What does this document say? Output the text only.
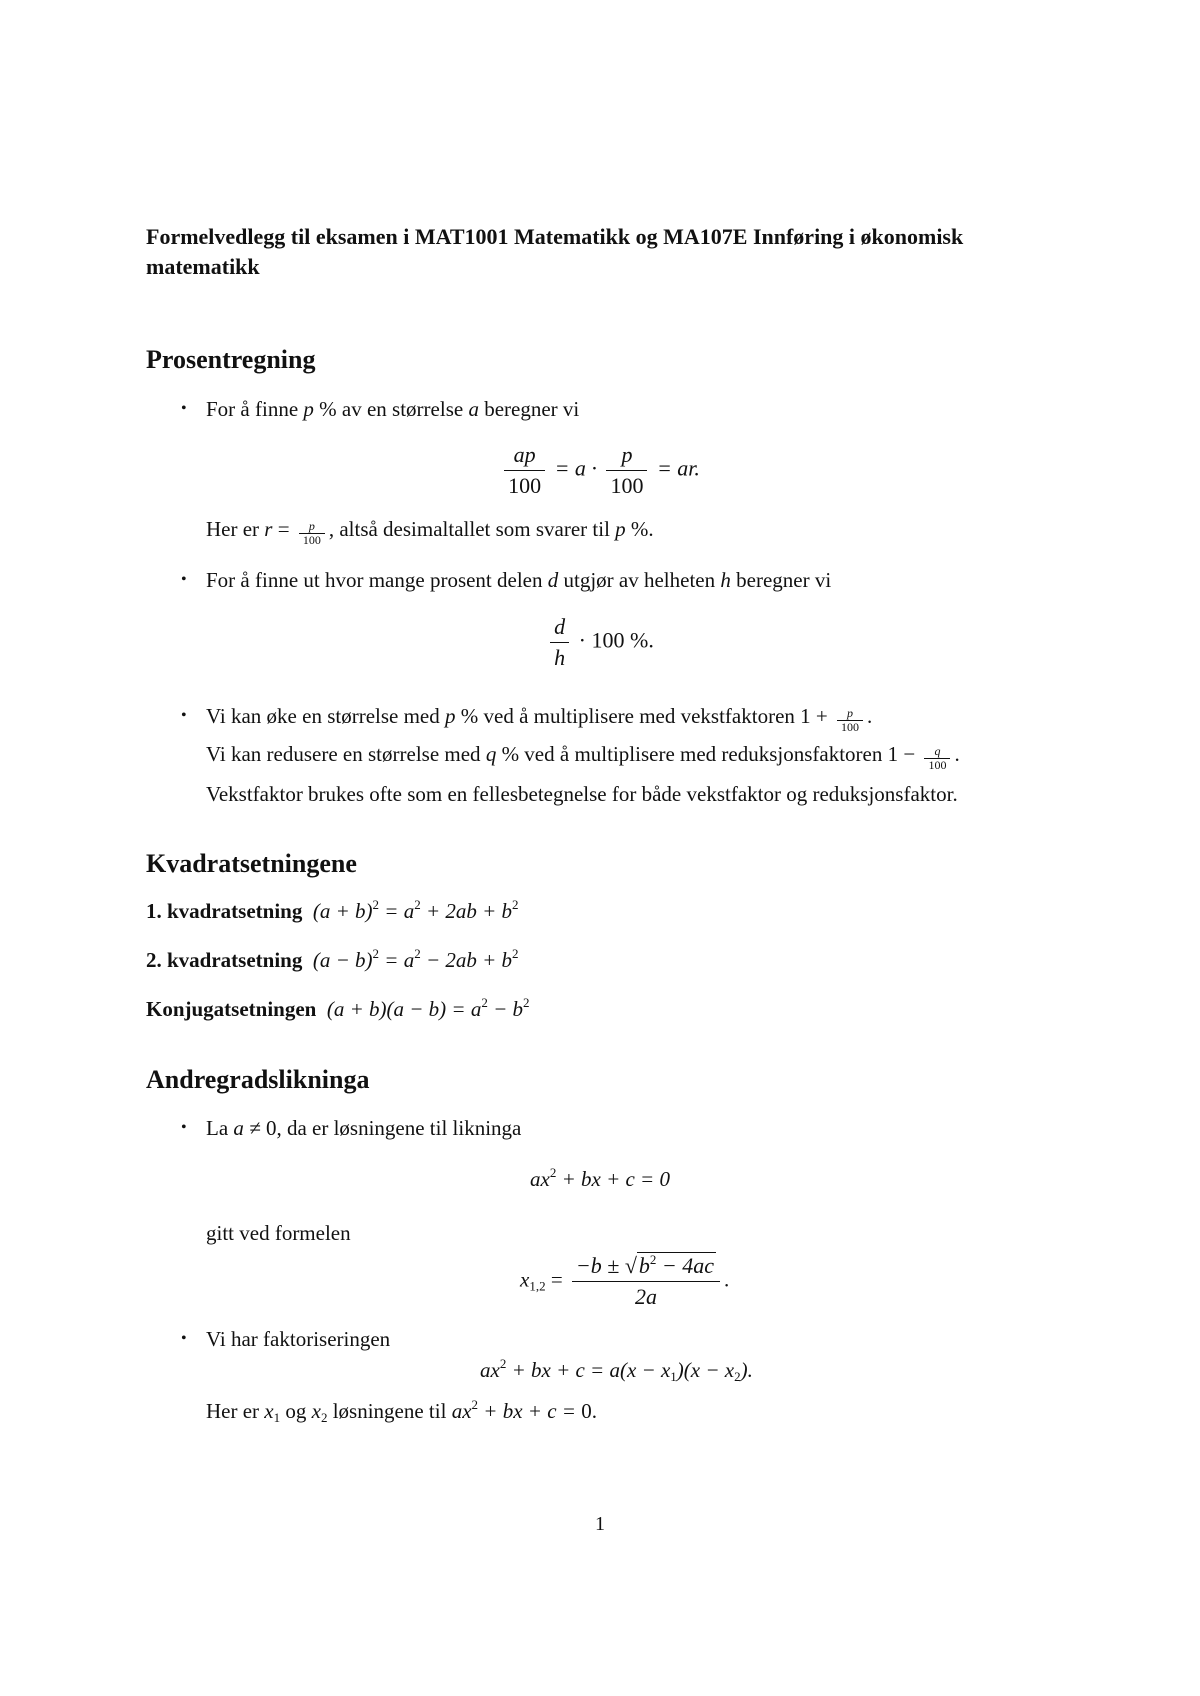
Formelvedlegg til eksamen i MAT1001 Matematikk og MA107E Innføring i økonomisk matematikk
Prosentregning
• For å finne p % av en størrelse a beregner vi
$\frac{ap}{100} = a \cdot \frac{p}{100}$ = ar.
Her er $r = \frac{p}{100}$ , altså desimaltallet som svarer til p %.
• For å finne ut hvor mange prosent delen d utgjør av helheten h beregner vi
$\frac{d}{h} \cdot 100$ %.
• Vi kan øke en størrelse med p % ved å multiplisere med vekstfaktoren $1 + \frac{p}{100}$ .
Vi kan redusere en størrelse med q % ved å multiplisere med reduksjonsfaktoren $1 - \frac{q}{100}$ .
Vekstfaktor brukes ofte som en fellesbetegnelse for både vekstfaktor og reduksjonsfaktor.
Kvadratsetningene
1. kvadratsetning $(a + b)^2 = a^2 + 2ab + b^2$
2. kvadratsetning $(a - b)^2 = a^2 - 2ab + b^2$
Konjugatsetningen $(a + b)(a - b) = a^2 - b^2$
Andregradslikninga
• La a ≠ 0, da er løsningene til likninga
$ax^2$ + bx + c = 0
gitt ved formelen
$x_{1,2} = \frac{-b \pm √b^2 - 4ac}{2a}$ .
• Vi har faktoriseringen
$ax^2$ + bx + $c = a(x - x_1)(x - x_2)$.
Her er $x_1$ og $x_2$ løsningene til $ax^2$ + bx + c = 0.
1
